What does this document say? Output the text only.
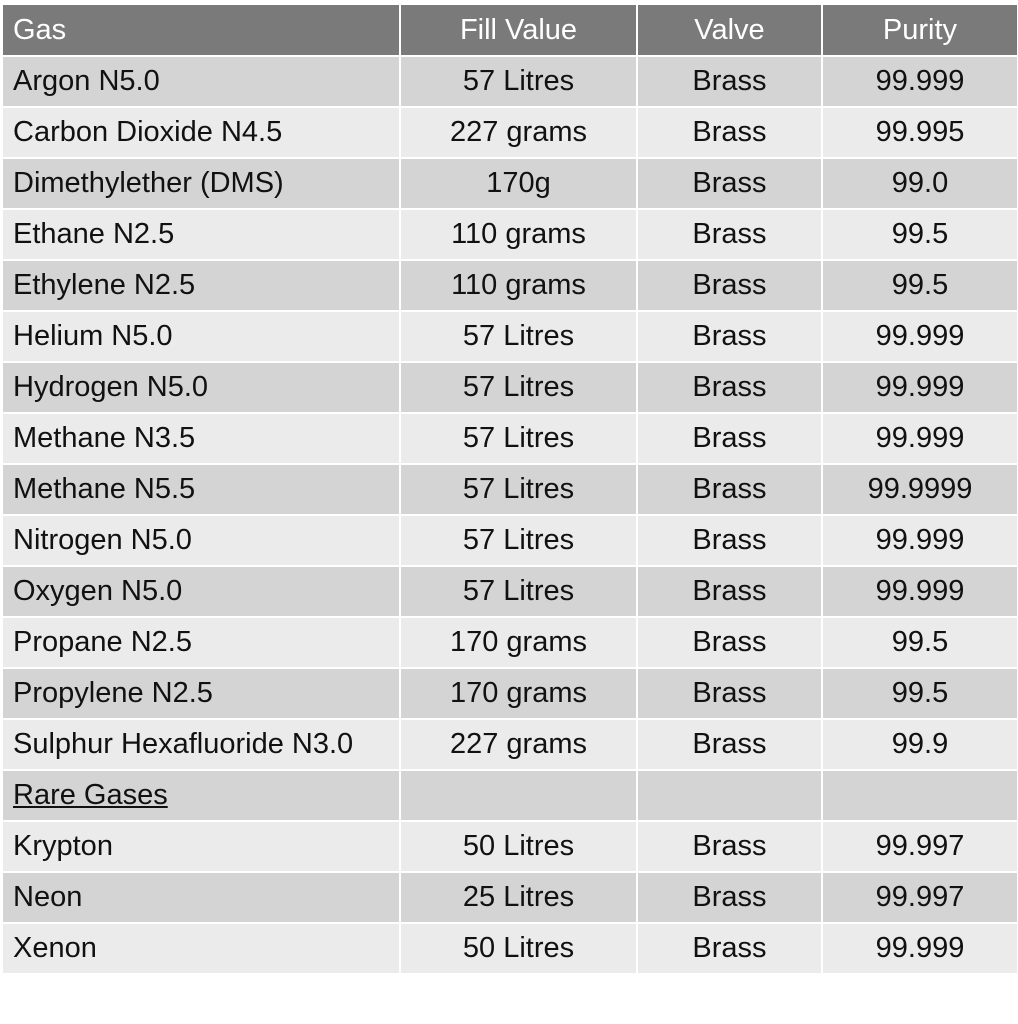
Gas	Fill Value	Valve	Purity
Argon N5.0	57 Litres	Brass	99.999
Carbon Dioxide N4.5	227 grams	Brass	99.995
Dimethylether (DMS)	170g	Brass	99.0
Ethane N2.5	110 grams	Brass	99.5
Ethylene N2.5	110 grams	Brass	99.5
Helium N5.0	57 Litres	Brass	99.999
Hydrogen N5.0	57 Litres	Brass	99.999
Methane N3.5	57 Litres	Brass	99.999
Methane N5.5	57 Litres	Brass	99.9999
Nitrogen N5.0	57 Litres	Brass	99.999
Oxygen N5.0	57 Litres	Brass	99.999
Propane N2.5	170 grams	Brass	99.5
Propylene N2.5	170 grams	Brass	99.5
Sulphur Hexafluoride N3.0	227 grams	Brass	99.9
Rare Gases			
Krypton	50 Litres	Brass	99.997
Neon	25 Litres	Brass	99.997
Xenon	50 Litres	Brass	99.999
